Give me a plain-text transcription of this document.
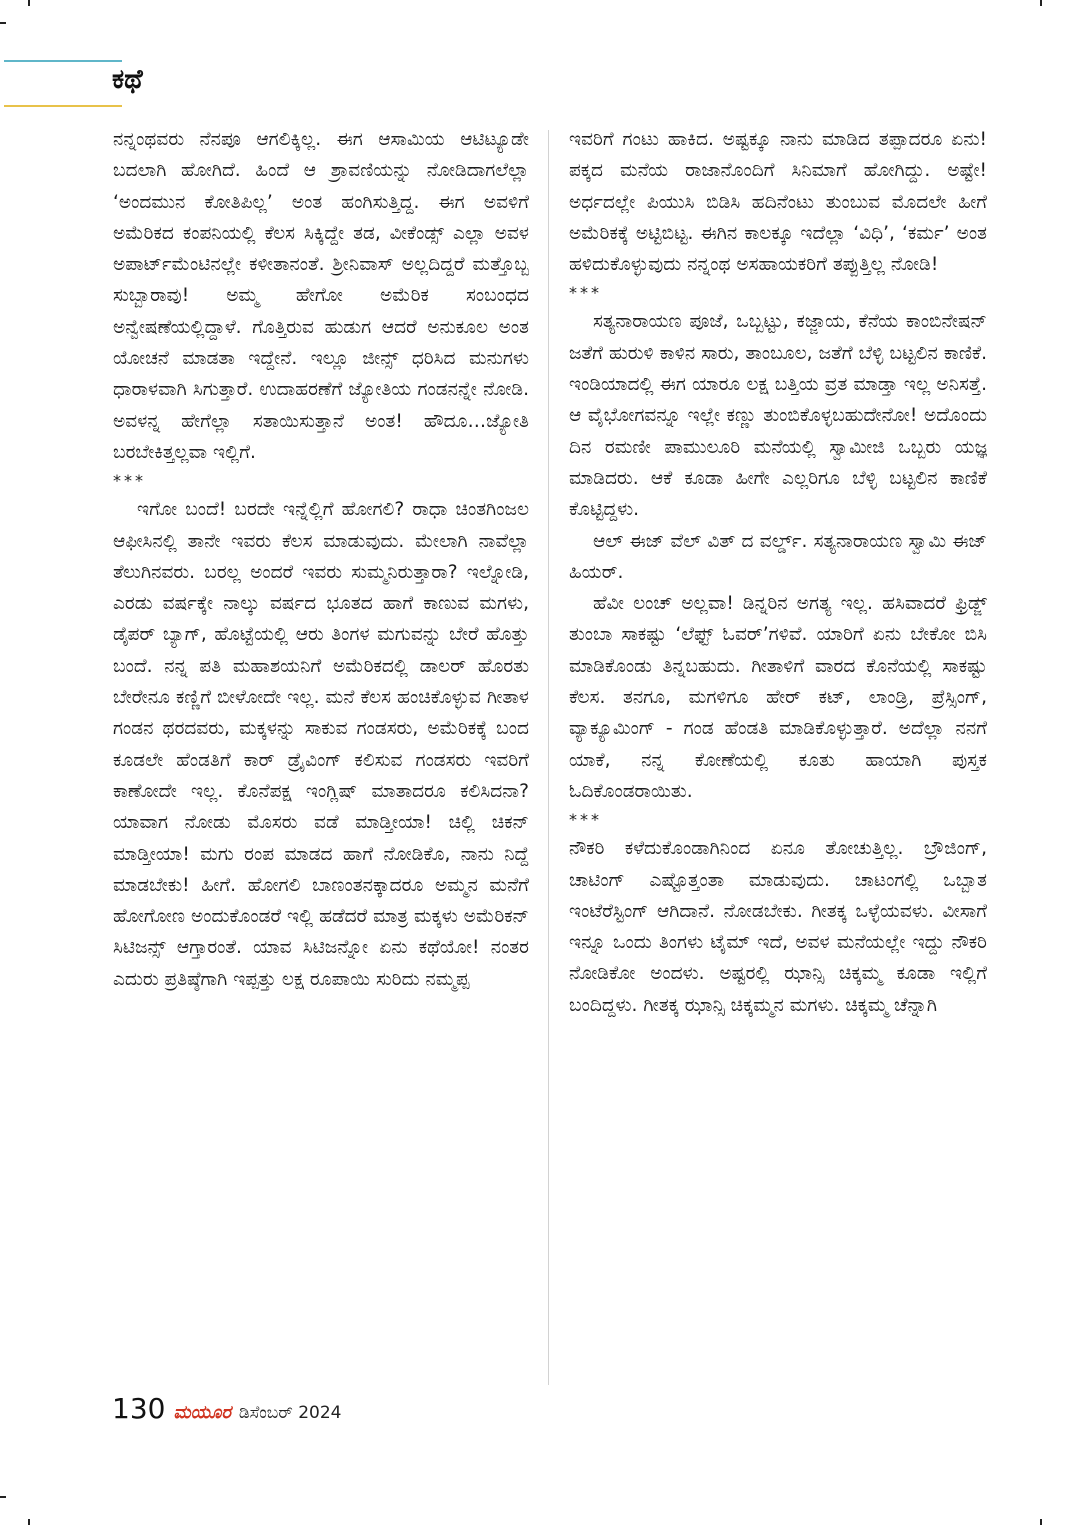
ಕಥೆ

ನನ್ನಂಥವರು ನೆನಪೂ ಆಗಲಿಕ್ಕಿಲ್ಲ. ಈಗ ಆಸಾಮಿಯ ಆಟಿಟ್ಯೂಡೇ ಬದಲಾಗಿ ಹೋಗಿದೆ. ಹಿಂದೆ ಆ ಶ್ರಾವಣಿಯನ್ನು ನೋಡಿದಾಗಲೆಲ್ಲಾ ‘ಅಂದಮುನ ಕೋತಿಪಿಲ್ಲ’ ಅಂತ ಹಂಗಿಸುತ್ತಿದ್ದ. ಈಗ ಅವಳಿಗೆ ಅಮೆರಿಕದ ಕಂಪನಿಯಲ್ಲಿ ಕೆಲಸ ಸಿಕ್ಕಿದ್ದೇ ತಡ, ವೀಕೆಂಡ್ಸ್ ಎಲ್ಲಾ ಅವಳ ಅಪಾರ್ಟ್‌ಮೆಂಟಿನಲ್ಲೇ ಕಳೀತಾನಂತೆ. ಶ್ರೀನಿವಾಸ್ ಅಲ್ಲದಿದ್ದರೆ ಮತ್ತೊಬ್ಬ ಸುಬ್ಬಾರಾವು! ಅಮ್ಮ ಹೇಗೋ ಅಮೆರಿಕ ಸಂಬಂಧದ ಅನ್ವೇಷಣೆಯಲ್ಲಿದ್ದಾಳೆ. ಗೊತ್ತಿರುವ ಹುಡುಗ ಆದರೆ ಅನುಕೂಲ ಅಂತ ಯೋಚನೆ ಮಾಡತಾ ಇದ್ದೇನೆ. ಇಲ್ಲೂ ಜೀನ್ಸ್ ಧರಿಸಿದ ಮನುಗಳು ಧಾರಾಳವಾಗಿ ಸಿಗುತ್ತಾರೆ. ಉದಾಹರಣೆಗೆ ಜ್ಯೋತಿಯ ಗಂಡನನ್ನೇ ನೋಡಿ. ಅವಳನ್ನ ಹೇಗೆಲ್ಲಾ ಸತಾಯಿಸುತ್ತಾನೆ ಅಂತ! ಹೌದೂ…ಜ್ಯೋತಿ ಬರಬೇಕಿತ್ತಲ್ಲವಾ ಇಲ್ಲಿಗೆ.

***

ಇಗೋ ಬಂದೆ! ಬರದೇ ಇನ್ನೆಲ್ಲಿಗೆ ಹೋಗಲಿ? ರಾಧಾ ಚಿಂತಗಿಂಜಲ ಆಫೀಸಿನಲ್ಲಿ ತಾನೇ ಇವರು ಕೆಲಸ ಮಾಡುವುದು. ಮೇಲಾಗಿ ನಾವೆಲ್ಲಾ ತೆಲುಗಿನವರು. ಬರಲ್ಲ ಅಂದರೆ ಇವರು ಸುಮ್ಮನಿರುತ್ತಾರಾ? ಇಲ್ನೋಡಿ, ಎರಡು ವರ್ಷಕ್ಕೇ ನಾಲ್ಕು ವರ್ಷದ ಭೂತದ ಹಾಗೆ ಕಾಣುವ ಮಗಳು, ಡೈಪರ್ ಬ್ಯಾಗ್, ಹೊಟ್ಟೆಯಲ್ಲಿ ಆರು ತಿಂಗಳ ಮಗುವನ್ನು ಬೇರೆ ಹೊತ್ತು ಬಂದೆ. ನನ್ನ ಪತಿ ಮಹಾಶಯನಿಗೆ ಅಮೆರಿಕದಲ್ಲಿ ಡಾಲರ್ ಹೊರತು ಬೇರೇನೂ ಕಣ್ಣಿಗೆ ಬೀಳೋದೇ ಇಲ್ಲ. ಮನೆ ಕೆಲಸ ಹಂಚಿಕೊಳ್ಳುವ ಗೀತಾಳ ಗಂಡನ ಥರದವರು, ಮಕ್ಕಳನ್ನು ಸಾಕುವ ಗಂಡಸರು, ಅಮೆರಿಕಕ್ಕೆ ಬಂದ ಕೂಡಲೇ ಹೆಂಡತಿಗೆ ಕಾರ್ ಡ್ರೈವಿಂಗ್ ಕಲಿಸುವ ಗಂಡಸರು ಇವರಿಗೆ ಕಾಣೋದೇ ಇಲ್ಲ. ಕೊನೆಪಕ್ಷ ಇಂಗ್ಲಿಷ್ ಮಾತಾದರೂ ಕಲಿಸಿದನಾ? ಯಾವಾಗ ನೋಡು ಮೊಸರು ವಡೆ ಮಾಡ್ತೀಯಾ! ಚಿಲ್ಲಿ ಚಿಕನ್ ಮಾಡ್ತೀಯಾ! ಮಗು ರಂಪ ಮಾಡದ ಹಾಗೆ ನೋಡಿಕೊ, ನಾನು ನಿದ್ದೆ ಮಾಡಬೇಕು! ಹೀಗೆ. ಹೋಗಲಿ ಬಾಣಂತನಕ್ಕಾದರೂ ಅಮ್ಮನ ಮನೆಗೆ ಹೋಗೋಣ ಅಂದುಕೊಂಡರೆ ಇಲ್ಲಿ ಹಡೆದರೆ ಮಾತ್ರ ಮಕ್ಕಳು ಅಮೆರಿಕನ್ ಸಿಟಿಜನ್ಸ್ ಆಗ್ತಾರಂತೆ. ಯಾವ ಸಿಟಿಜನ್ನೋ ಏನು ಕಥೆಯೋ! ನಂತರ ಎದುರು ಪ್ರತಿಷ್ಠೆಗಾಗಿ ಇಪ್ಪತ್ತು ಲಕ್ಷ ರೂಪಾಯಿ ಸುರಿದು ನಮ್ಮಪ್ಪ

ಇವರಿಗೆ ಗಂಟು ಹಾಕಿದ. ಅಷ್ಟಕ್ಕೂ ನಾನು ಮಾಡಿದ ತಪ್ಪಾದರೂ ಏನು! ಪಕ್ಕದ ಮನೆಯ ರಾಜಾನೊಂದಿಗೆ ಸಿನಿಮಾಗೆ ಹೋಗಿದ್ದು. ಅಷ್ಟೇ! ಅರ್ಧದಲ್ಲೇ ಪಿಯುಸಿ ಬಿಡಿಸಿ ಹದಿನೆಂಟು ತುಂಬುವ ಮೊದಲೇ ಹೀಗೆ ಅಮೆರಿಕಕ್ಕೆ ಅಟ್ಟಿಬಿಟ್ಟ. ಈಗಿನ ಕಾಲಕ್ಕೂ ಇದೆಲ್ಲಾ ‘ವಿಧಿ’, ‘ಕರ್ಮ’ ಅಂತ ಹಳಿದುಕೊಳ್ಳುವುದು ನನ್ನಂಥ ಅಸಹಾಯಕರಿಗೆ ತಪ್ಪುತ್ತಿಲ್ಲ ನೋಡಿ!

***

ಸತ್ಯನಾರಾಯಣ ಪೂಜೆ, ಒಬ್ಬಟ್ಟು, ಕಜ್ಜಾಯ, ಕೆನೆಯ ಕಾಂಬಿನೇಷನ್ ಜತೆಗೆ ಹುರುಳಿ ಕಾಳಿನ ಸಾರು, ತಾಂಬೂಲ, ಜತೆಗೆ ಬೆಳ್ಳಿ ಬಟ್ಟಲಿನ ಕಾಣಿಕೆ. ಇಂಡಿಯಾದಲ್ಲಿ ಈಗ ಯಾರೂ ಲಕ್ಷ ಬತ್ತಿಯ ವ್ರತ ಮಾಡ್ತಾ ಇಲ್ಲ ಅನಿಸತ್ತೆ. ಆ ವೈಭೋಗವನ್ನೂ ಇಲ್ಲೇ ಕಣ್ಣು ತುಂಬಿಕೊಳ್ಳಬಹುದೇನೋ! ಅದೊಂದು ದಿನ ರಮಣೀ ಪಾಮುಲೂರಿ ಮನೆಯಲ್ಲಿ ಸ್ವಾಮೀಜಿ ಒಬ್ಬರು ಯಜ್ಞ ಮಾಡಿದರು. ಆಕೆ ಕೂಡಾ ಹೀಗೇ ಎಲ್ಲರಿಗೂ ಬೆಳ್ಳಿ ಬಟ್ಟಲಿನ ಕಾಣಿಕೆ ಕೊಟ್ಟಿದ್ದಳು.

ಆಲ್ ಈಜ್ ವೆಲ್ ವಿತ್ ದ ವರ್ಲ್ಡ್. ಸತ್ಯನಾರಾಯಣ ಸ್ವಾಮಿ ಈಜ್ ಹಿಯರ್.

ಹೆವೀ ಲಂಚ್ ಅಲ್ಲವಾ! ಡಿನ್ನರಿನ ಅಗತ್ಯ ಇಲ್ಲ. ಹಸಿವಾದರೆ ಫ್ರಿಡ್ಜ್ ತುಂಬಾ ಸಾಕಷ್ಟು ‘ಲೆಫ್ಟ್ ಓವರ್’ಗಳಿವೆ. ಯಾರಿಗೆ ಏನು ಬೇಕೋ ಬಿಸಿ ಮಾಡಿಕೊಂಡು ತಿನ್ನಬಹುದು. ಗೀತಾಳಿಗೆ ವಾರದ ಕೊನೆಯಲ್ಲಿ ಸಾಕಷ್ಟು ಕೆಲಸ. ತನಗೂ, ಮಗಳಿಗೂ ಹೇರ್ ಕಟ್, ಲಾಂಡ್ರಿ, ಪ್ರೆಸ್ಸಿಂಗ್, ವ್ಯಾಕ್ಯೂಮಿಂಗ್ - ಗಂಡ ಹೆಂಡತಿ ಮಾಡಿಕೊಳ್ಳುತ್ತಾರೆ. ಅದೆಲ್ಲಾ ನನಗೆ ಯಾಕೆ, ನನ್ನ ಕೋಣೆಯಲ್ಲಿ ಕೂತು ಹಾಯಾಗಿ ಪುಸ್ತಕ ಓದಿಕೊಂಡರಾಯಿತು.

***

ನೌಕರಿ ಕಳೆದುಕೊಂಡಾಗಿನಿಂದ ಏನೂ ತೋಚುತ್ತಿಲ್ಲ. ಬ್ರೌಜಿಂಗ್, ಚಾಟಿಂಗ್ ಎಷ್ಟೊತ್ತಂತಾ ಮಾಡುವುದು. ಚಾಟಂಗಲ್ಲಿ ಒಬ್ಬಾತ ಇಂಟೆರೆಸ್ಟಿಂಗ್ ಆಗಿದಾನೆ. ನೋಡಬೇಕು. ಗೀತಕ್ಕ ಒಳ್ಳೆಯವಳು. ವೀಸಾಗೆ ಇನ್ನೂ ಒಂದು ತಿಂಗಳು ಟೈಮ್ ಇದೆ, ಅವಳ ಮನೆಯಲ್ಲೇ ಇದ್ದು ನೌಕರಿ ನೋಡಿಕೋ ಅಂದಳು. ಅಷ್ಟರಲ್ಲಿ ಝಾನ್ಸಿ ಚಿಕ್ಕಮ್ಮ ಕೂಡಾ ಇಲ್ಲಿಗೆ ಬಂದಿದ್ದಳು. ಗೀತಕ್ಕ ಝಾನ್ಸಿ ಚಿಕ್ಕಮ್ಮನ ಮಗಳು. ಚಿಕ್ಕಮ್ಮ ಚೆನ್ನಾಗಿ

130 ಮಯೂರ ಡಿಸೆಂಬರ್ 2024
